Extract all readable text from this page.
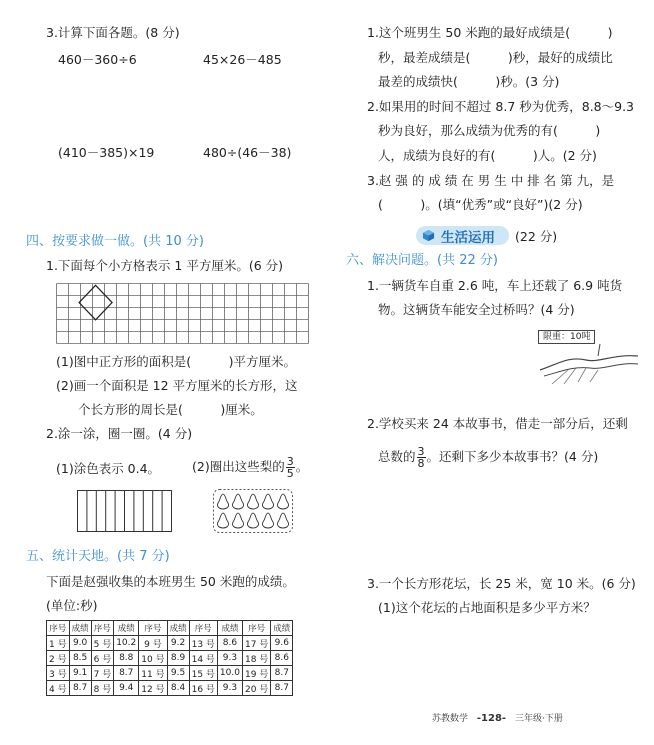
3.计算下面各题。(8 分)
460－360÷6	45×26－485
(410－385)×19	480÷(46－38)
四、按要求做一做。(共 10 分)
1.下面每个小方格表示 1 平方厘米。(6 分)
(1)图中正方形的面积是(　　　)平方厘米。
(2)画一个面积是 12 平方厘米的长方形，这
个长方形的周长是(　　　)厘米。
2.涂一涂，圈一圈。(4 分)
(1)涂色表示 0.4。	(2)圈出这些梨的 $\frac{3}{5}$ 。
五、统计天地。(共 7 分)
下面是赵强收集的本班男生 50 米跑的成绩。
(单位:秒)
序号	成绩	序号	成绩	序号	成绩	序号	成绩	序号	成绩
1 号	9.0	5 号	10.2	9 号	9.2	13 号	8.6	17 号	9.6
2 号	8.5	6 号	8.8	10 号	8.9	14 号	9.3	18 号	8.6
3 号	9.1	7 号	8.7	11 号	9.5	15 号	10.0	19 号	8.7
4 号	8.7	8 号	9.4	12 号	8.4	16 号	9.3	20 号	8.7
1.这个班男生 50 米跑的最好成绩是(　　　)
秒，最差成绩是(　　　)秒，最好的成绩比
最差的成绩快(　　　)秒。(3 分)
2.如果用的时间不超过 8.7 秒为优秀，8.8～9.3
秒为良好，那么成绩为优秀的有(　　　)
人，成绩为良好的有(　　　)人。(2 分)
3.赵 强 的 成 绩 在 男 生 中 排 名 第 九，是
(　　　)。(填“优秀”或“良好”)(2 分)
生活运用 (22 分)
六、解决问题。(共 22 分)
1.一辆货车自重 2.6 吨，车上还载了 6.9 吨货
物。这辆货车能安全过桥吗？(4 分)
限重：10吨
2.学校买来 24 本故事书，借走一部分后，还剩
总数的 $\frac{3}{8}$ 。还剩下多少本故事书？(4 分)
3.一个长方形花坛，长 25 米，宽 10 米。(6 分)
(1)这个花坛的占地面积是多少平方米？
苏教数学 -128- 三年级·下册
